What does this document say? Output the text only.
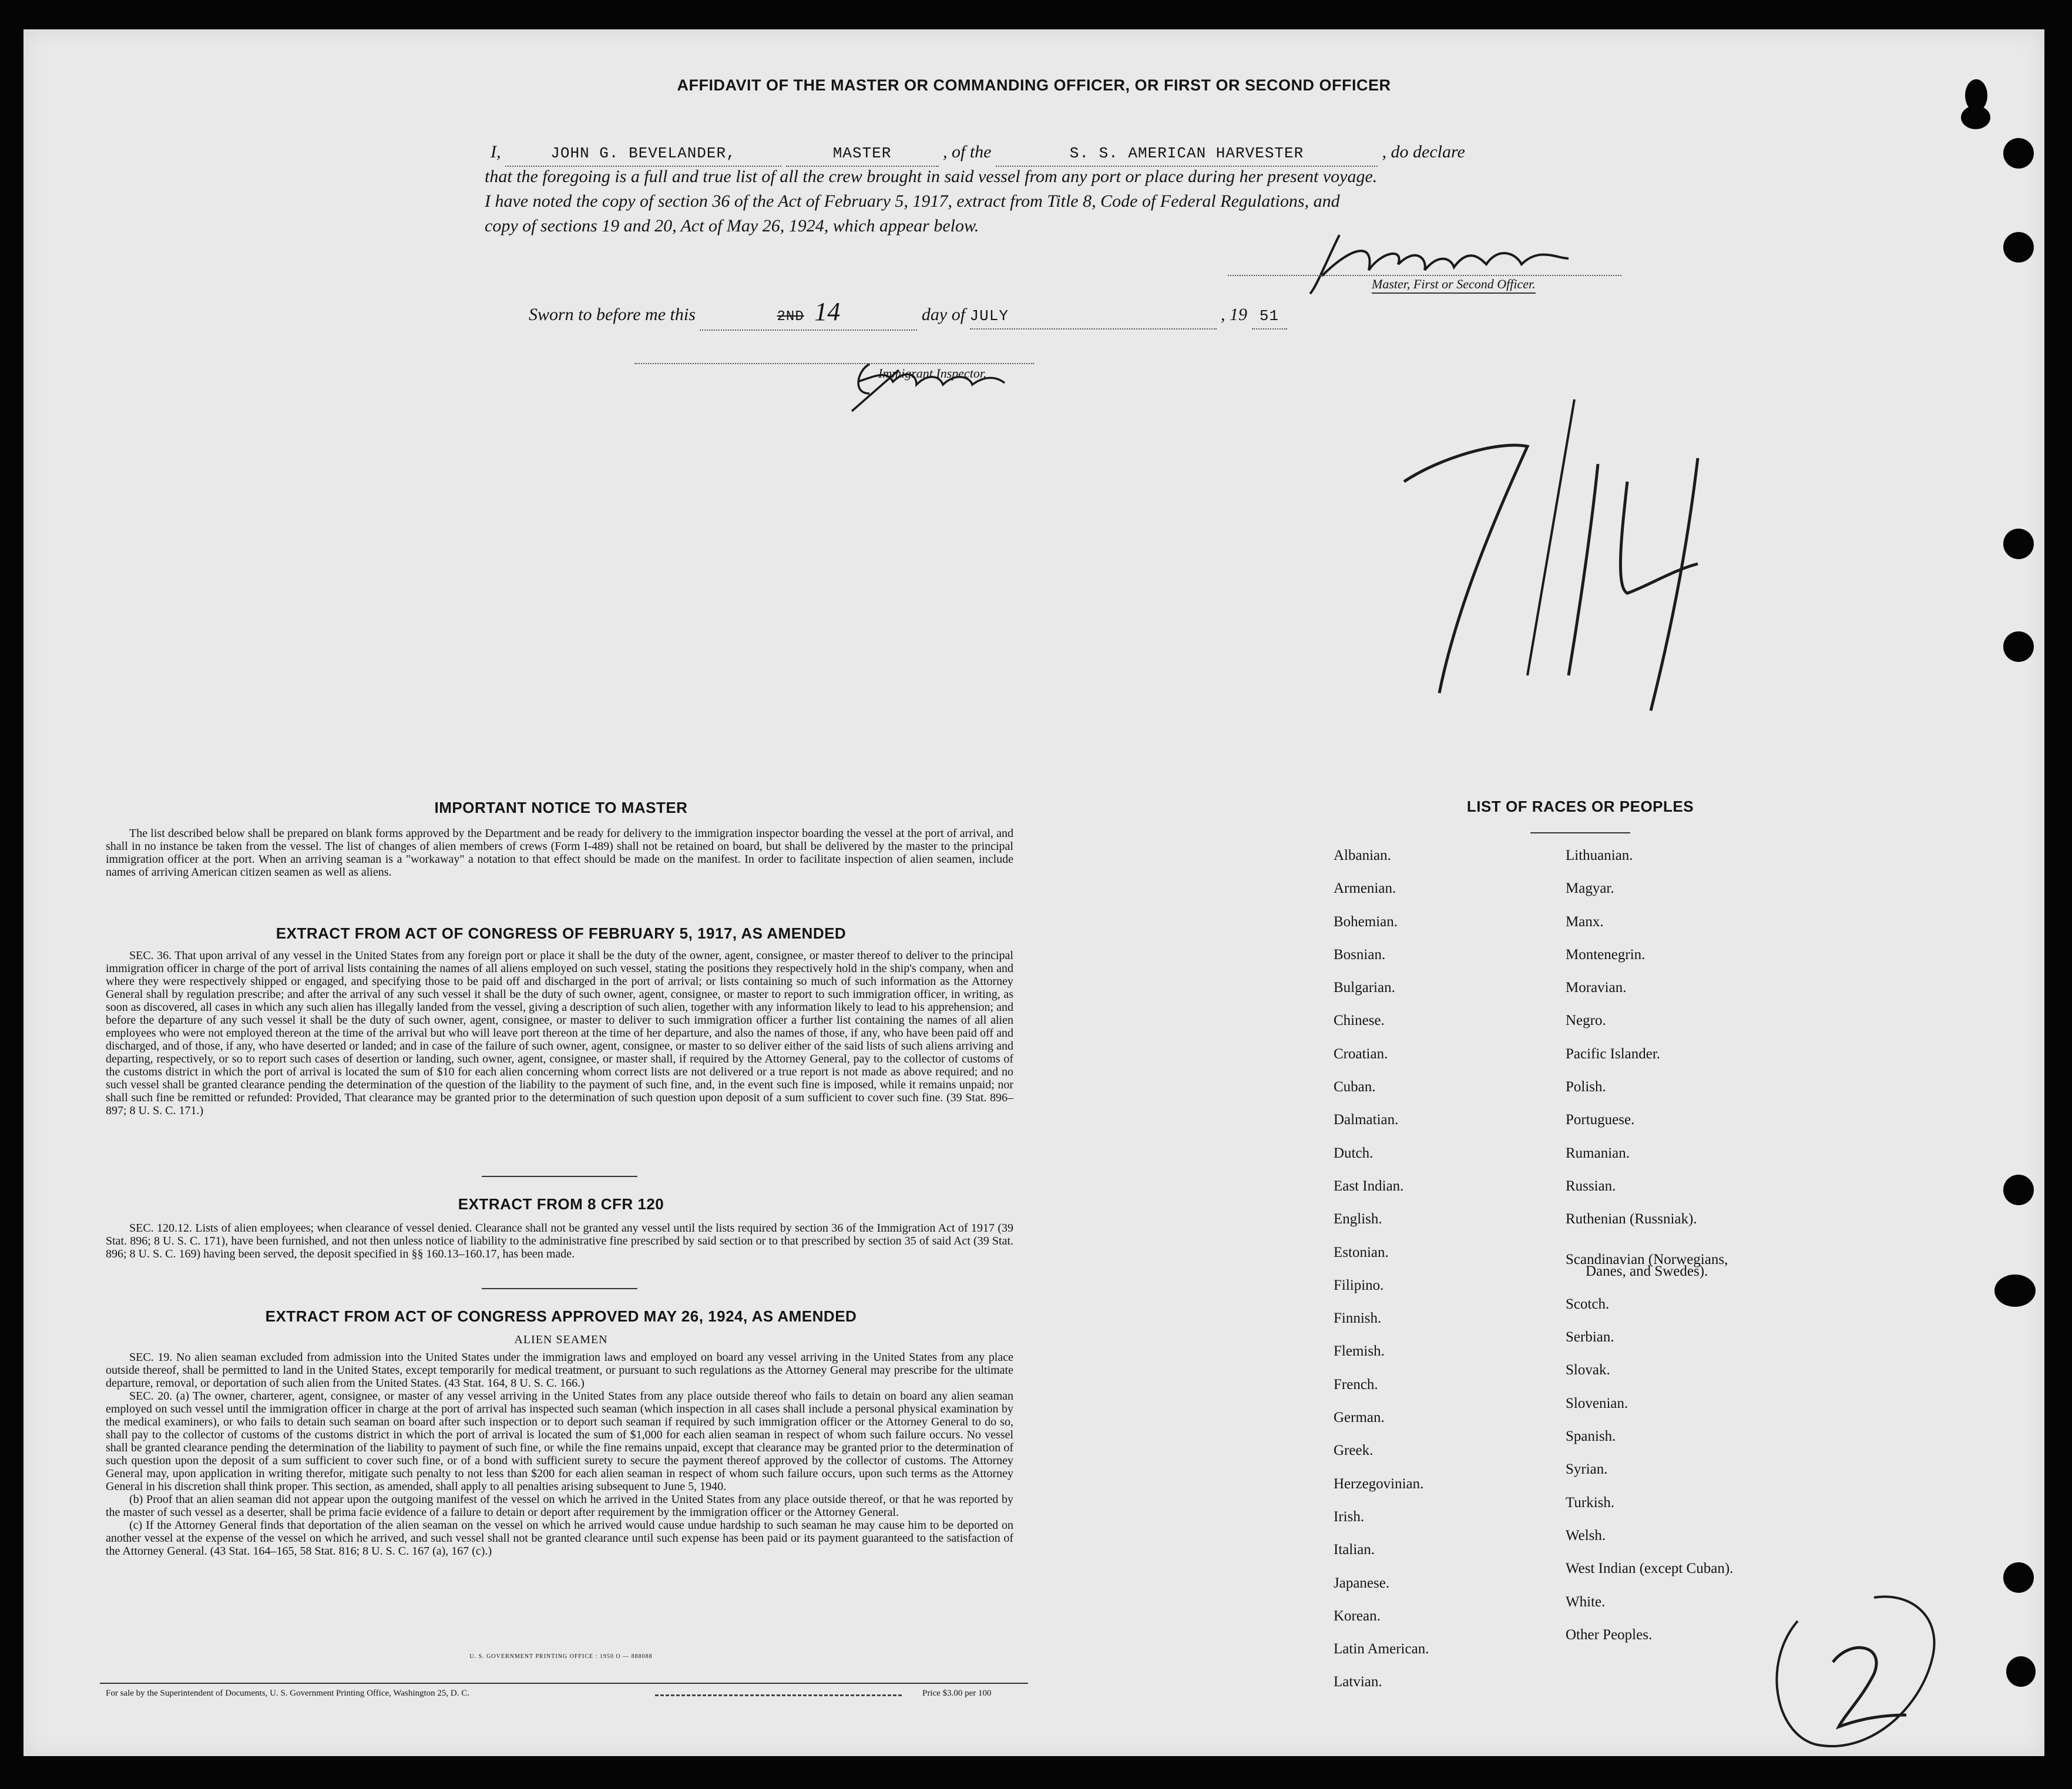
AFFIDAVIT OF THE MASTER OR COMMANDING OFFICER, OR FIRST OR SECOND OFFICER
I,	JOHN G. BEVELANDER,	MASTER	, of the	S. S. AMERICAN HARVESTER	, do declare
that the foregoing is a full and true list of all the crew brought in said vessel from any port or place during her present voyage.
I have noted the copy of section 36 of the Act of February 5, 1917, extract from Title 8, Code of Federal Regulations, and
copy of sections 19 and 20, Act of May 26, 1924, which appear below.
Master, First or Second Officer.
Sworn to before me this	2ND 14	day of JULY	, 19 51
Immigrant Inspector.
IMPORTANT NOTICE TO MASTER
The list described below shall be prepared on blank forms approved by the Department and be ready for delivery to the immigration inspector boarding the vessel at the port of arrival, and shall in no instance be taken from the vessel. The list of changes of alien members of crews (Form I-489) shall not be retained on board, but shall be delivered by the master to the principal immigration officer at the port. When an arriving seaman is a "workaway" a notation to that effect should be made on the manifest. In order to facilitate inspection of alien seamen, include names of arriving American citizen seamen as well as aliens.
EXTRACT FROM ACT OF CONGRESS OF FEBRUARY 5, 1917, AS AMENDED
SEC. 36. That upon arrival of any vessel in the United States from any foreign port or place it shall be the duty of the owner, agent, consignee, or master thereof to deliver to the principal immigration officer in charge of the port of arrival lists containing the names of all aliens employed on such vessel, stating the positions they respectively hold in the ship's company, when and where they were respectively shipped or engaged, and specifying those to be paid off and discharged in the port of arrival; or lists containing so much of such information as the Attorney General shall by regulation prescribe; and after the arrival of any such vessel it shall be the duty of such owner, agent, consignee, or master to report to such immigration officer, in writing, as soon as discovered, all cases in which any such alien has illegally landed from the vessel, giving a description of such alien, together with any information likely to lead to his apprehension; and before the departure of any such vessel it shall be the duty of such owner, agent, consignee, or master to deliver to such immigration officer a further list containing the names of all alien employees who were not employed thereon at the time of the arrival but who will leave port thereon at the time of her departure, and also the names of those, if any, who have been paid off and discharged, and of those, if any, who have deserted or landed; and in case of the failure of such owner, agent, consignee, or master to so deliver either of the said lists of such aliens arriving and departing, respectively, or so to report such cases of desertion or landing, such owner, agent, consignee, or master shall, if required by the Attorney General, pay to the collector of customs of the customs district in which the port of arrival is located the sum of $10 for each alien concerning whom correct lists are not delivered or a true report is not made as above required; and no such vessel shall be granted clearance pending the determination of the question of the liability to the payment of such fine, and, in the event such fine is imposed, while it remains unpaid; nor shall such fine be remitted or refunded: Provided, That clearance may be granted prior to the determination of such question upon deposit of a sum sufficient to cover such fine. (39 Stat. 896–897; 8 U. S. C. 171.)
EXTRACT FROM 8 CFR 120
SEC. 120.12. Lists of alien employees; when clearance of vessel denied. Clearance shall not be granted any vessel until the lists required by section 36 of the Immigration Act of 1917 (39 Stat. 896; 8 U. S. C. 171), have been furnished, and not then unless notice of liability to the administrative fine prescribed by said section or to that prescribed by section 35 of said Act (39 Stat. 896; 8 U. S. C. 169) having been served, the deposit specified in §§ 160.13–160.17, has been made.
EXTRACT FROM ACT OF CONGRESS APPROVED MAY 26, 1924, AS AMENDED
ALIEN SEAMEN
SEC. 19. No alien seaman excluded from admission into the United States under the immigration laws and employed on board any vessel arriving in the United States from any place outside thereof, shall be permitted to land in the United States, except temporarily for medical treatment, or pursuant to such regulations as the Attorney General may prescribe for the ultimate departure, removal, or deportation of such alien from the United States. (43 Stat. 164, 8 U. S. C. 166.)
SEC. 20. (a) The owner, charterer, agent, consignee, or master of any vessel arriving in the United States from any place outside thereof who fails to detain on board any alien seaman employed on such vessel until the immigration officer in charge at the port of arrival has inspected such seaman (which inspection in all cases shall include a personal physical examination by the medical examiners), or who fails to detain such seaman on board after such inspection or to deport such seaman if required by such immigration officer or the Attorney General to do so, shall pay to the collector of customs of the customs district in which the port of arrival is located the sum of $1,000 for each alien seaman in respect of whom such failure occurs. No vessel shall be granted clearance pending the determination of the liability to payment of such fine, or while the fine remains unpaid, except that clearance may be granted prior to the determination of such question upon the deposit of a sum sufficient to cover such fine, or of a bond with sufficient surety to secure the payment thereof approved by the collector of customs. The Attorney General may, upon application in writing therefor, mitigate such penalty to not less than $200 for each alien seaman in respect of whom such failure occurs, upon such terms as the Attorney General in his discretion shall think proper. This section, as amended, shall apply to all penalties arising subsequent to June 5, 1940.
(b) Proof that an alien seaman did not appear upon the outgoing manifest of the vessel on which he arrived in the United States from any place outside thereof, or that he was reported by the master of such vessel as a deserter, shall be prima facie evidence of a failure to detain or deport after requirement by the immigration officer or the Attorney General.
(c) If the Attorney General finds that deportation of the alien seaman on the vessel on which he arrived would cause undue hardship to such seaman he may cause him to be deported on another vessel at the expense of the vessel on which he arrived, and such vessel shall not be granted clearance until such expense has been paid or its payment guaranteed to the satisfaction of the Attorney General. (43 Stat. 164–165, 58 Stat. 816; 8 U. S. C. 167 (a), 167 (c).)
U. S. GOVERNMENT PRINTING OFFICE : 1950 O — 888088
For sale by the Superintendent of Documents, U. S. Government Printing Office, Washington 25, D. C.	Price $3.00 per 100
LIST OF RACES OR PEOPLES
Albanian.
Armenian.
Bohemian.
Bosnian.
Bulgarian.
Chinese.
Croatian.
Cuban.
Dalmatian.
Dutch.
East Indian.
English.
Estonian.
Filipino.
Finnish.
Flemish.
French.
German.
Greek.
Herzegovinian.
Irish.
Italian.
Japanese.
Korean.
Latin American.
Latvian.
Lithuanian.
Magyar.
Manx.
Montenegrin.
Moravian.
Negro.
Pacific Islander.
Polish.
Portuguese.
Rumanian.
Russian.
Ruthenian (Russniak).
Scandinavian (Norwegians,
Danes, and Swedes).
Scotch.
Serbian.
Slovak.
Slovenian.
Spanish.
Syrian.
Turkish.
Welsh.
West Indian (except Cuban).
White.
Other Peoples.
